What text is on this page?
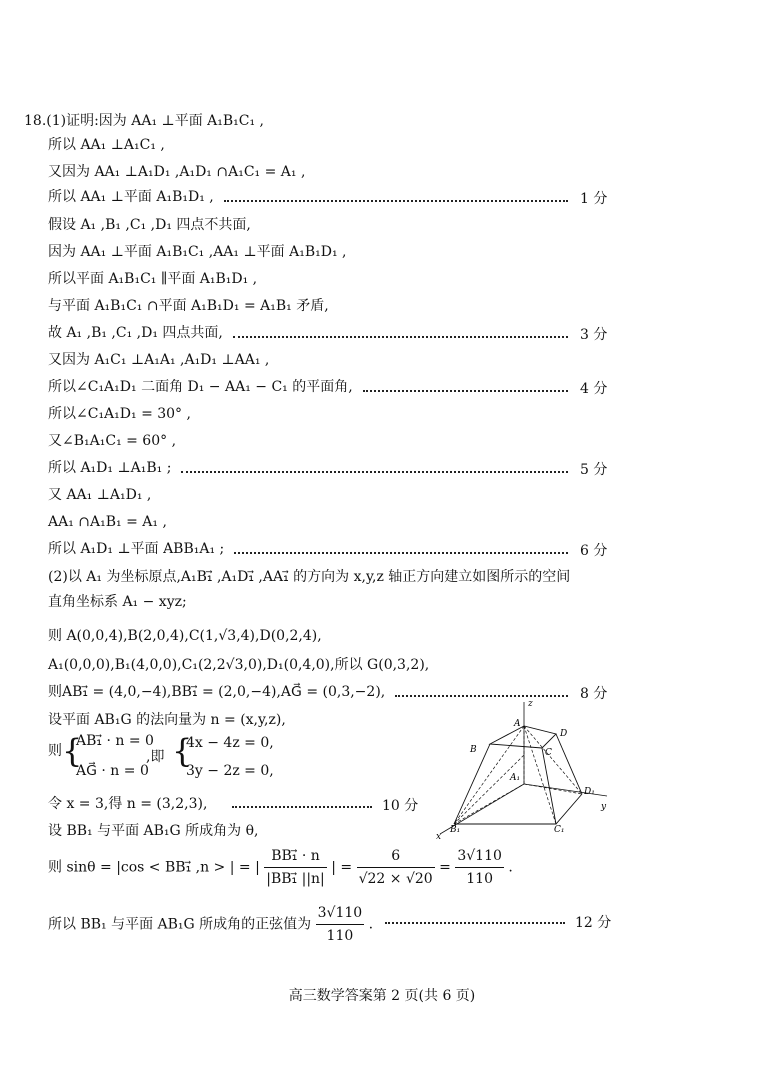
18.(1)证明:因为 AA₁ ⊥平面 A₁B₁C₁ ,
所以 AA₁ ⊥A₁C₁ ,
又因为 AA₁ ⊥A₁D₁ ,A₁D₁ ∩A₁C₁ = A₁ ,
所以 AA₁ ⊥平面 A₁B₁D₁ ,	1 分
假设 A₁ ,B₁ ,C₁ ,D₁ 四点不共面,
因为 AA₁ ⊥平面 A₁B₁C₁ ,AA₁ ⊥平面 A₁B₁D₁ ,
所以平面 A₁B₁C₁ ∥平面 A₁B₁D₁ ,
与平面 A₁B₁C₁ ∩平面 A₁B₁D₁ = A₁B₁ 矛盾,
故 A₁ ,B₁ ,C₁ ,D₁ 四点共面,	3 分
又因为 A₁C₁ ⊥A₁A₁ ,A₁D₁ ⊥AA₁ ,
所以∠C₁A₁D₁ 二面角 D₁ − AA₁ − C₁ 的平面角,	4 分
所以∠C₁A₁D₁ = 30° ,
又∠B₁A₁C₁ = 60° ,
所以 A₁D₁ ⊥A₁B₁ ;	5 分
又 AA₁ ⊥A₁D₁ ,
AA₁ ∩A₁B₁ = A₁ ,
所以 A₁D₁ ⊥平面 ABB₁A₁ ;	6 分
(2)以 A₁ 为坐标原点,A₁B₁⃗ ,A₁D₁⃗ ,AA₁⃗ 的方向为 x,y,z 轴正方向建立如图所示的空间
直角坐标系 A₁ − xyz;
则 A(0,0,4),B(2,0,4),C(1,√3,4),D(0,2,4),
A₁(0,0,0),B₁(4,0,0),C₁(2,2√3,0),D₁(0,4,0),所以 G(0,3,2),
则AB₁⃗ = (4,0,−4),BB₁⃗ = (2,0,−4),AG⃗ = (0,3,−2),	8 分
设平面 AB₁G 的法向量为 n = (x,y,z),
则 {
AB₁⃗ · n = 0
AG⃗ · n = 0
,即 {
4x − 4z = 0,
3y − 2z = 0,
令 x = 3,得 n = (3,2,3),	10 分
设 BB₁ 与平面 AB₁G 所成角为 θ,
则 sinθ = |cos < BB₁⃗ ,n > | = | $\frac{\text{BB₁⃗ · n}}{\text{|BB₁⃗ ||n|}}$ | = $\frac{6}{√22 \times √20} = \frac{3√110}{110}$ .
所以 BB₁ 与平面 AB₁G 所成角的正弦值为 $\frac{3√110}{110}$ .	12 分
z
A
D
B	C
A₁
D₁
y
B₁	C₁
x
高三数学答案第 2 页(共 6 页)
